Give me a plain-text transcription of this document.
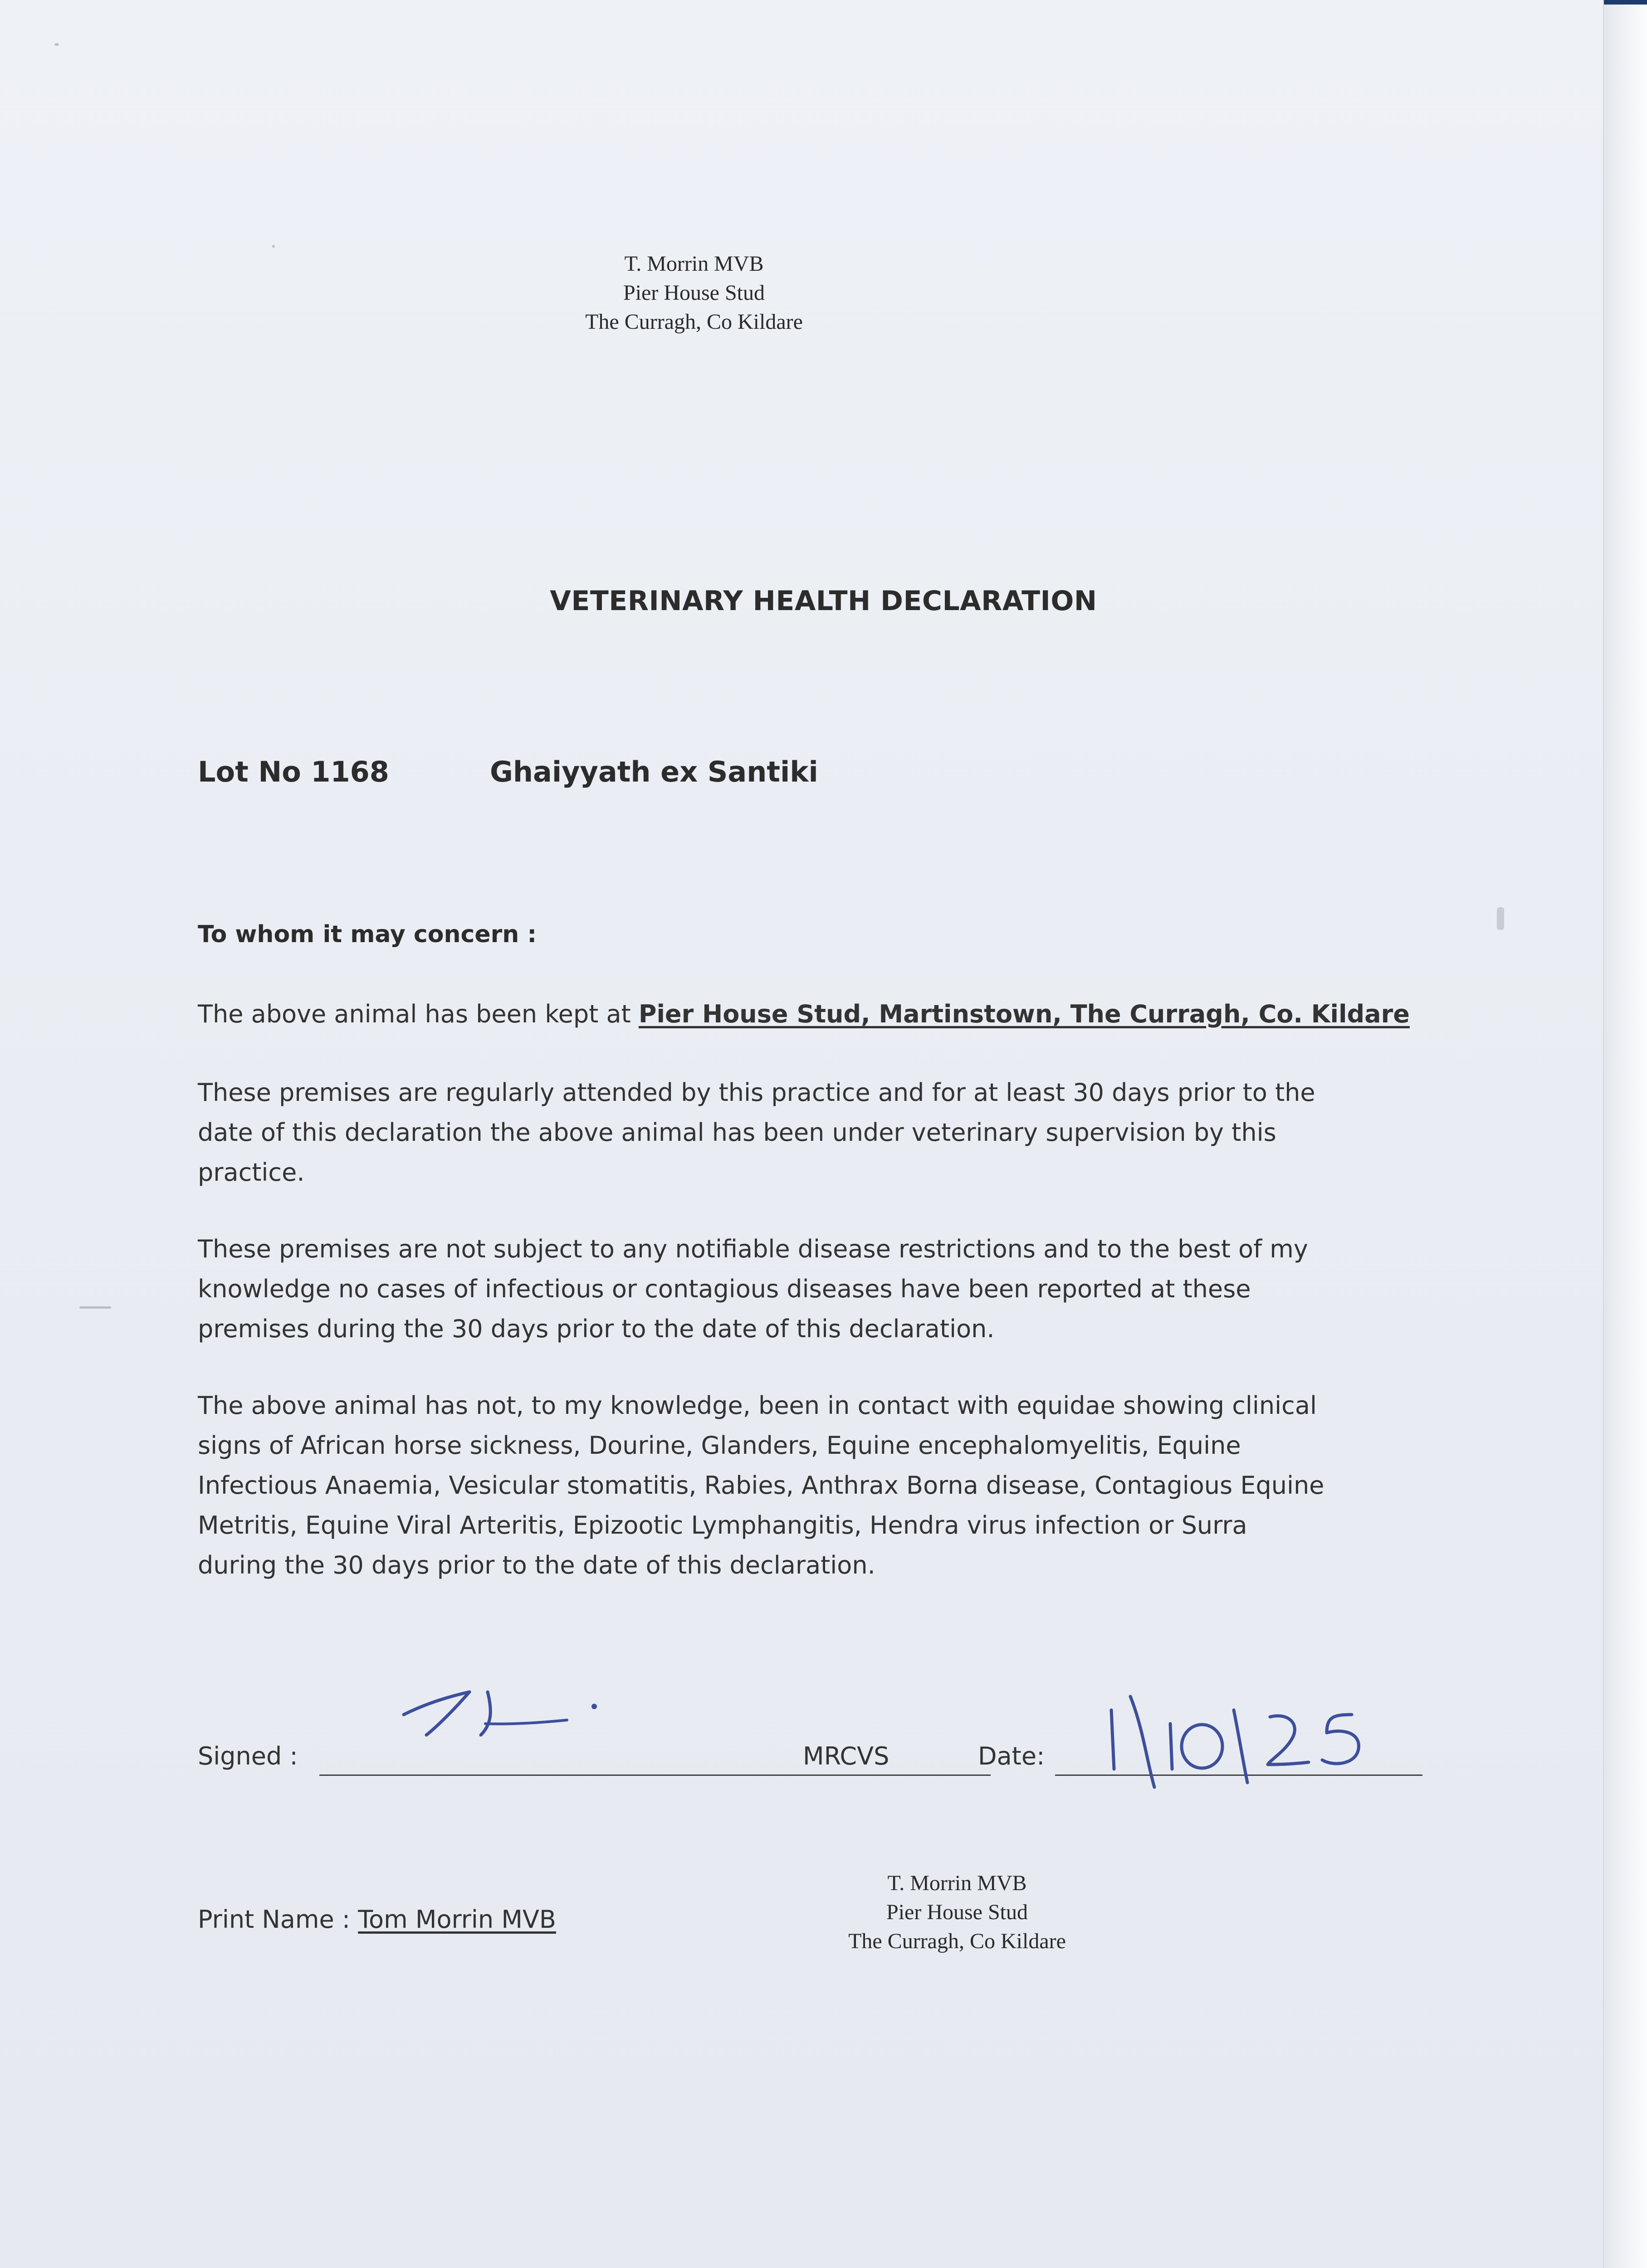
T. Morrin MVB
Pier House Stud
The Curragh, Co Kildare
VETERINARY HEALTH DECLARATION
Lot No 1168	Ghaiyyath ex Santiki
To whom it may concern :
The above animal has been kept at Pier House Stud, Martinstown, The Curragh, Co. Kildare
These premises are regularly attended by this practice and for at least 30 days prior to the
date of this declaration the above animal has been under veterinary supervision by this
practice.
These premises are not subject to any notifiable disease restrictions and to the best of my
knowledge no cases of infectious or contagious diseases have been reported at these
premises during the 30 days prior to the date of this declaration.
The above animal has not, to my knowledge, been in contact with equidae showing clinical
signs of African horse sickness, Dourine, Glanders, Equine encephalomyelitis, Equine
Infectious Anaemia, Vesicular stomatitis, Rabies, Anthrax Borna disease, Contagious Equine
Metritis, Equine Viral Arteritis, Epizootic Lymphangitis, Hendra virus infection or Surra
during the 30 days prior to the date of this declaration.
Signed :	MRCVS	Date:
Print Name : Tom Morrin MVB
T. Morrin MVB
Pier House Stud
The Curragh, Co Kildare
